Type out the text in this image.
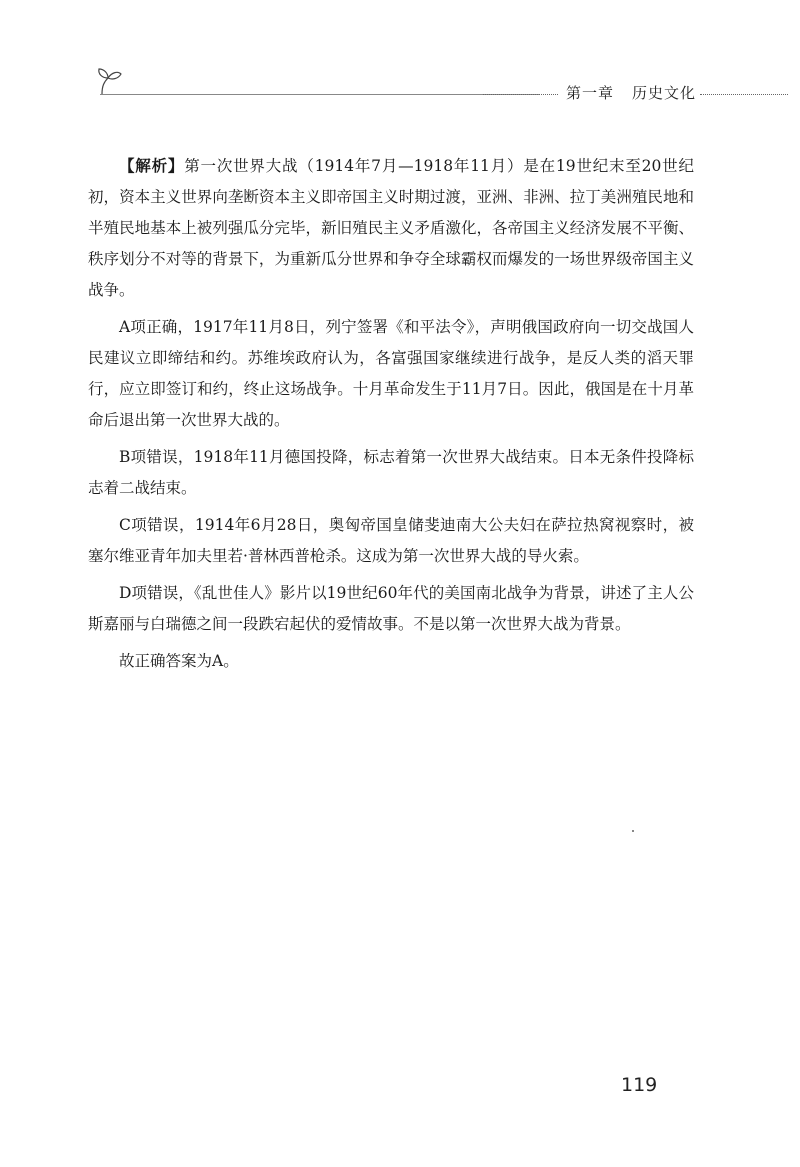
第一章 历史文化

【解析】第一次世界大战（1914年7月—1918年11月）是在19世纪末至20世纪初，资本主义世界向垄断资本主义即帝国主义时期过渡，亚洲、非洲、拉丁美洲殖民地和半殖民地基本上被列强瓜分完毕，新旧殖民主义矛盾激化，各帝国主义经济发展不平衡、秩序划分不对等的背景下，为重新瓜分世界和争夺全球霸权而爆发的一场世界级帝国主义战争。

A项正确，1917年11月8日，列宁签署《和平法令》，声明俄国政府向一切交战国人民建议立即缔结和约。苏维埃政府认为，各富强国家继续进行战争，是反人类的滔天罪行，应立即签订和约，终止这场战争。十月革命发生于11月7日。因此，俄国是在十月革命后退出第一次世界大战的。

B项错误，1918年11月德国投降，标志着第一次世界大战结束。日本无条件投降标志着二战结束。

C项错误，1914年6月28日，奥匈帝国皇储斐迪南大公夫妇在萨拉热窝视察时，被塞尔维亚青年加夫里若·普林西普枪杀。这成为第一次世界大战的导火索。

D项错误，《乱世佳人》影片以19世纪60年代的美国南北战争为背景，讲述了主人公斯嘉丽与白瑞德之间一段跌宕起伏的爱情故事。不是以第一次世界大战为背景。

故正确答案为A。

119
